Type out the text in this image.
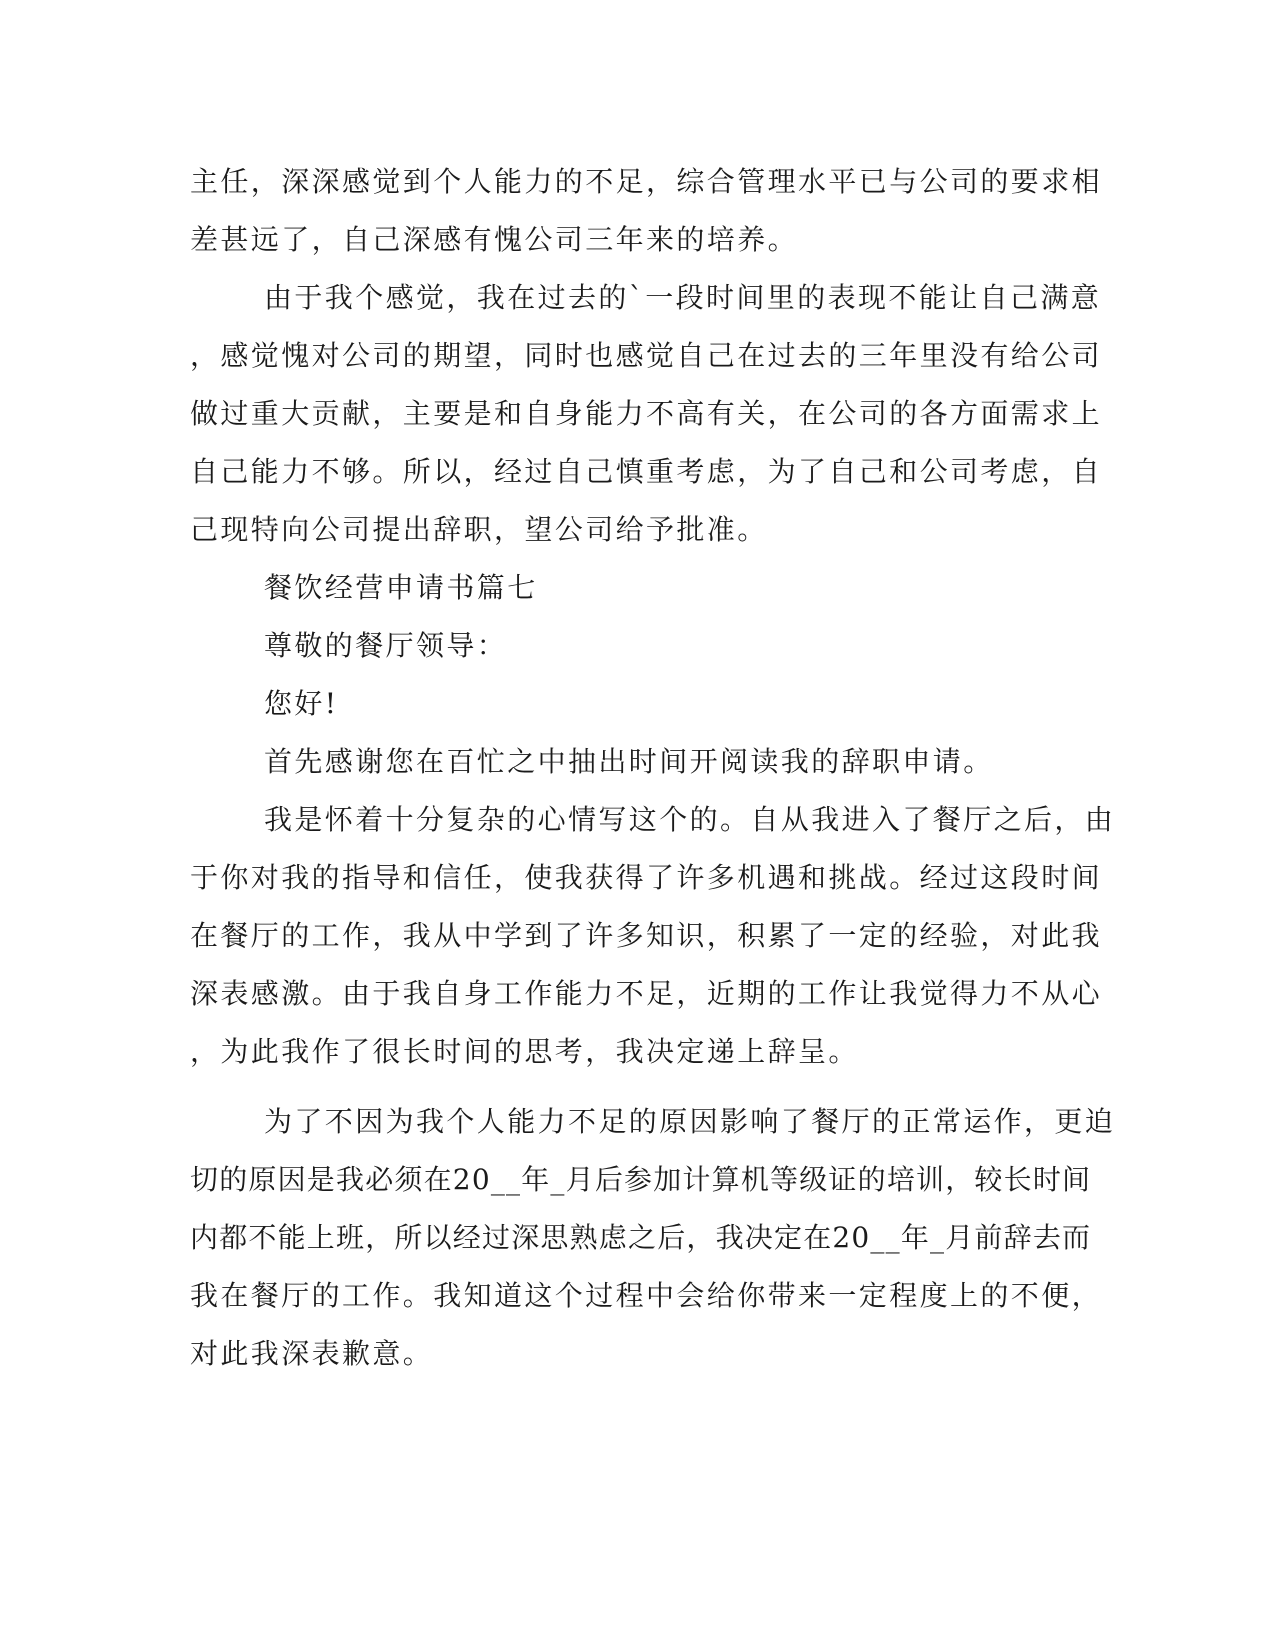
主任，深深感觉到个人能力的不足，综合管理水平已与公司的要求相
差甚远了，自己深感有愧公司三年来的培养。
由于我个感觉，我在过去的`一段时间里的表现不能让自己满意
，感觉愧对公司的期望，同时也感觉自己在过去的三年里没有给公司
做过重大贡献，主要是和自身能力不高有关，在公司的各方面需求上
自己能力不够。所以，经过自己慎重考虑，为了自己和公司考虑，自
己现特向公司提出辞职，望公司给予批准。
餐饮经营申请书篇七
尊敬的餐厅领导：
您好!
首先感谢您在百忙之中抽出时间开阅读我的辞职申请。
我是怀着十分复杂的心情写这个的。自从我进入了餐厅之后，由
于你对我的指导和信任，使我获得了许多机遇和挑战。经过这段时间
在餐厅的工作，我从中学到了许多知识，积累了一定的经验，对此我
深表感激。由于我自身工作能力不足，近期的工作让我觉得力不从心
，为此我作了很长时间的思考，我决定递上辞呈。
为了不因为我个人能力不足的原因影响了餐厅的正常运作，更迫
切的原因是我必须在20__年_月后参加计算机等级证的培训，较长时间
内都不能上班，所以经过深思熟虑之后，我决定在20__年_月前辞去而
我在餐厅的工作。我知道这个过程中会给你带来一定程度上的不便，
对此我深表歉意。
